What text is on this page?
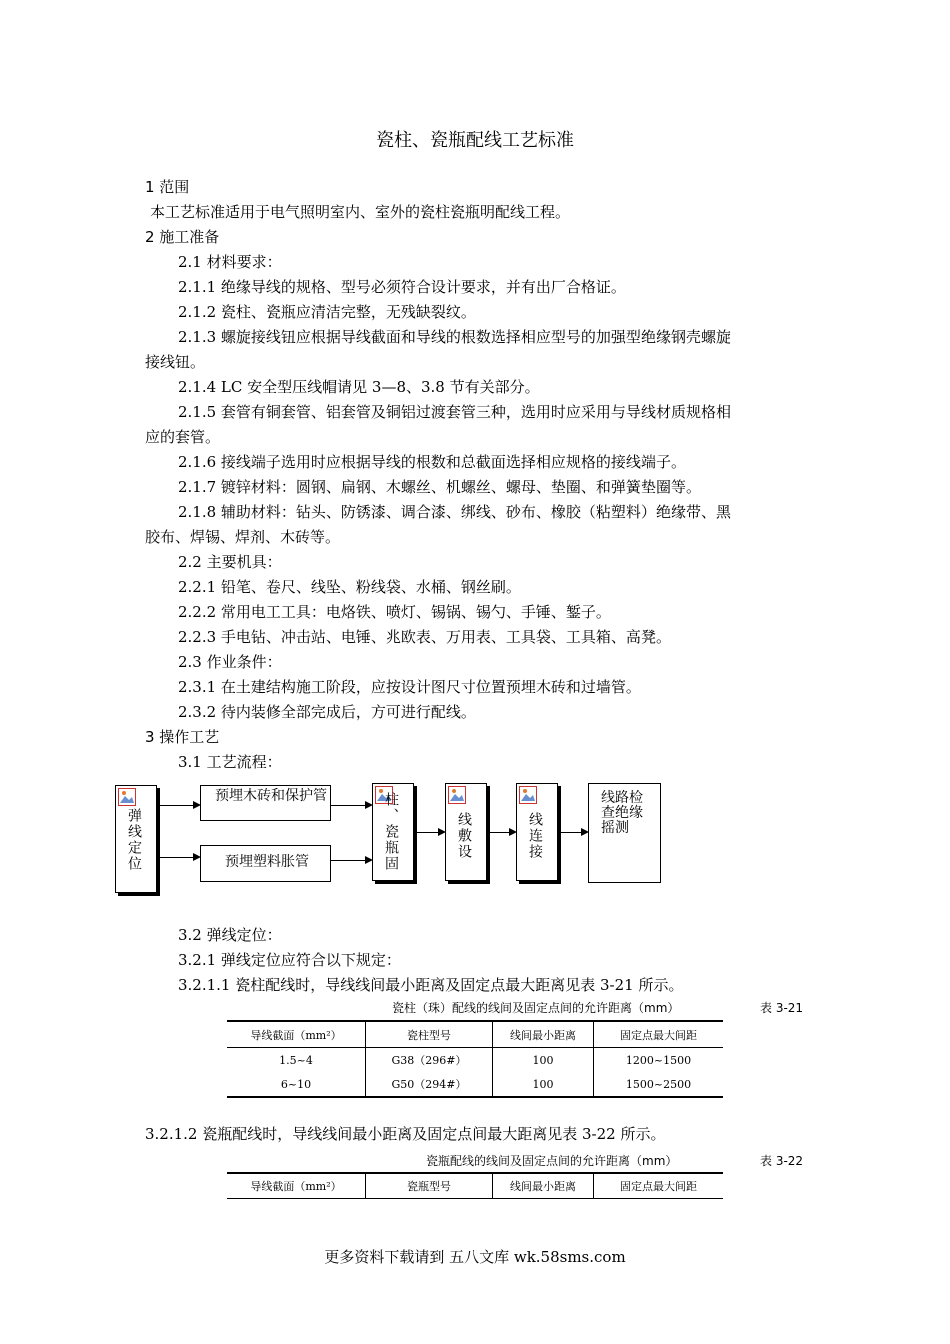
瓷柱、瓷瓶配线工艺标准
1 范围
本工艺标准适用于电气照明室内、室外的瓷柱瓷瓶明配线工程。
2 施工准备
2.1 材料要求：
2.1.1 绝缘导线的规格、型号必须符合设计要求，并有出厂合格证。
2.1.2 瓷柱、瓷瓶应清洁完整，无残缺裂纹。
2.1.3 螺旋接线钮应根据导线截面和导线的根数选择相应型号的加强型绝缘钢壳螺旋
接线钮。
2.1.4 LC 安全型压线帽请见 3—8、3.8 节有关部分。
2.1.5 套管有铜套管、铝套管及铜铝过渡套管三种，选用时应采用与导线材质规格相
应的套管。
2.1.6 接线端子选用时应根据导线的根数和总截面选择相应规格的接线端子。
2.1.7 镀锌材料：圆钢、扁钢、木螺丝、机螺丝、螺母、垫圈、和弹簧垫圈等。
2.1.8 辅助材料：钻头、防锈漆、调合漆、绑线、砂布、橡胶（粘塑料）绝缘带、黑
胶布、焊锡、焊剂、木砖等。
2.2 主要机具：
2.2.1 铅笔、卷尺、线坠、粉线袋、水桶、钢丝刷。
2.2.2 常用电工工具：电烙铁、喷灯、锡锅、锡勺、手锤、錾子。
2.2.3 手电钻、冲击站、电锤、兆欧表、万用表、工具袋、工具箱、高凳。
2.3 作业条件：
2.3.1 在土建结构施工阶段，应按设计图尺寸位置预埋木砖和过墙管。
2.3.2 待内装修全部完成后，方可进行配线。
3 操作工艺
3.1 工艺流程：
弹线定位
预埋木砖和保护管
预埋塑料胀管	柱、瓷瓶固	线敷设	线连接
线路检查绝缘摇测
3.2 弹线定位：
3.2.1 弹线定位应符合以下规定：
3.2.1.1 瓷柱配线时，导线线间最小距离及固定点最大距离见表 3-21 所示。
瓷柱（珠）配线的线间及固定点间的允许距离（mm）	表 3-21
导线截面（mm²）	瓷柱型号	线间最小距离	固定点最大间距
1.5~4	G38（296#）	100	1200~1500
6~10	G50（294#）	100	1500~2500
3.2.1.2 瓷瓶配线时，导线线间最小距离及固定点间最大距离见表 3-22 所示。
瓷瓶配线的线间及固定点间的允许距离（mm）	表 3-22
导线截面（mm²）	瓷瓶型号	线间最小距离	固定点最大间距
更多资料下载请到 五八文库 wk.58sms.com
